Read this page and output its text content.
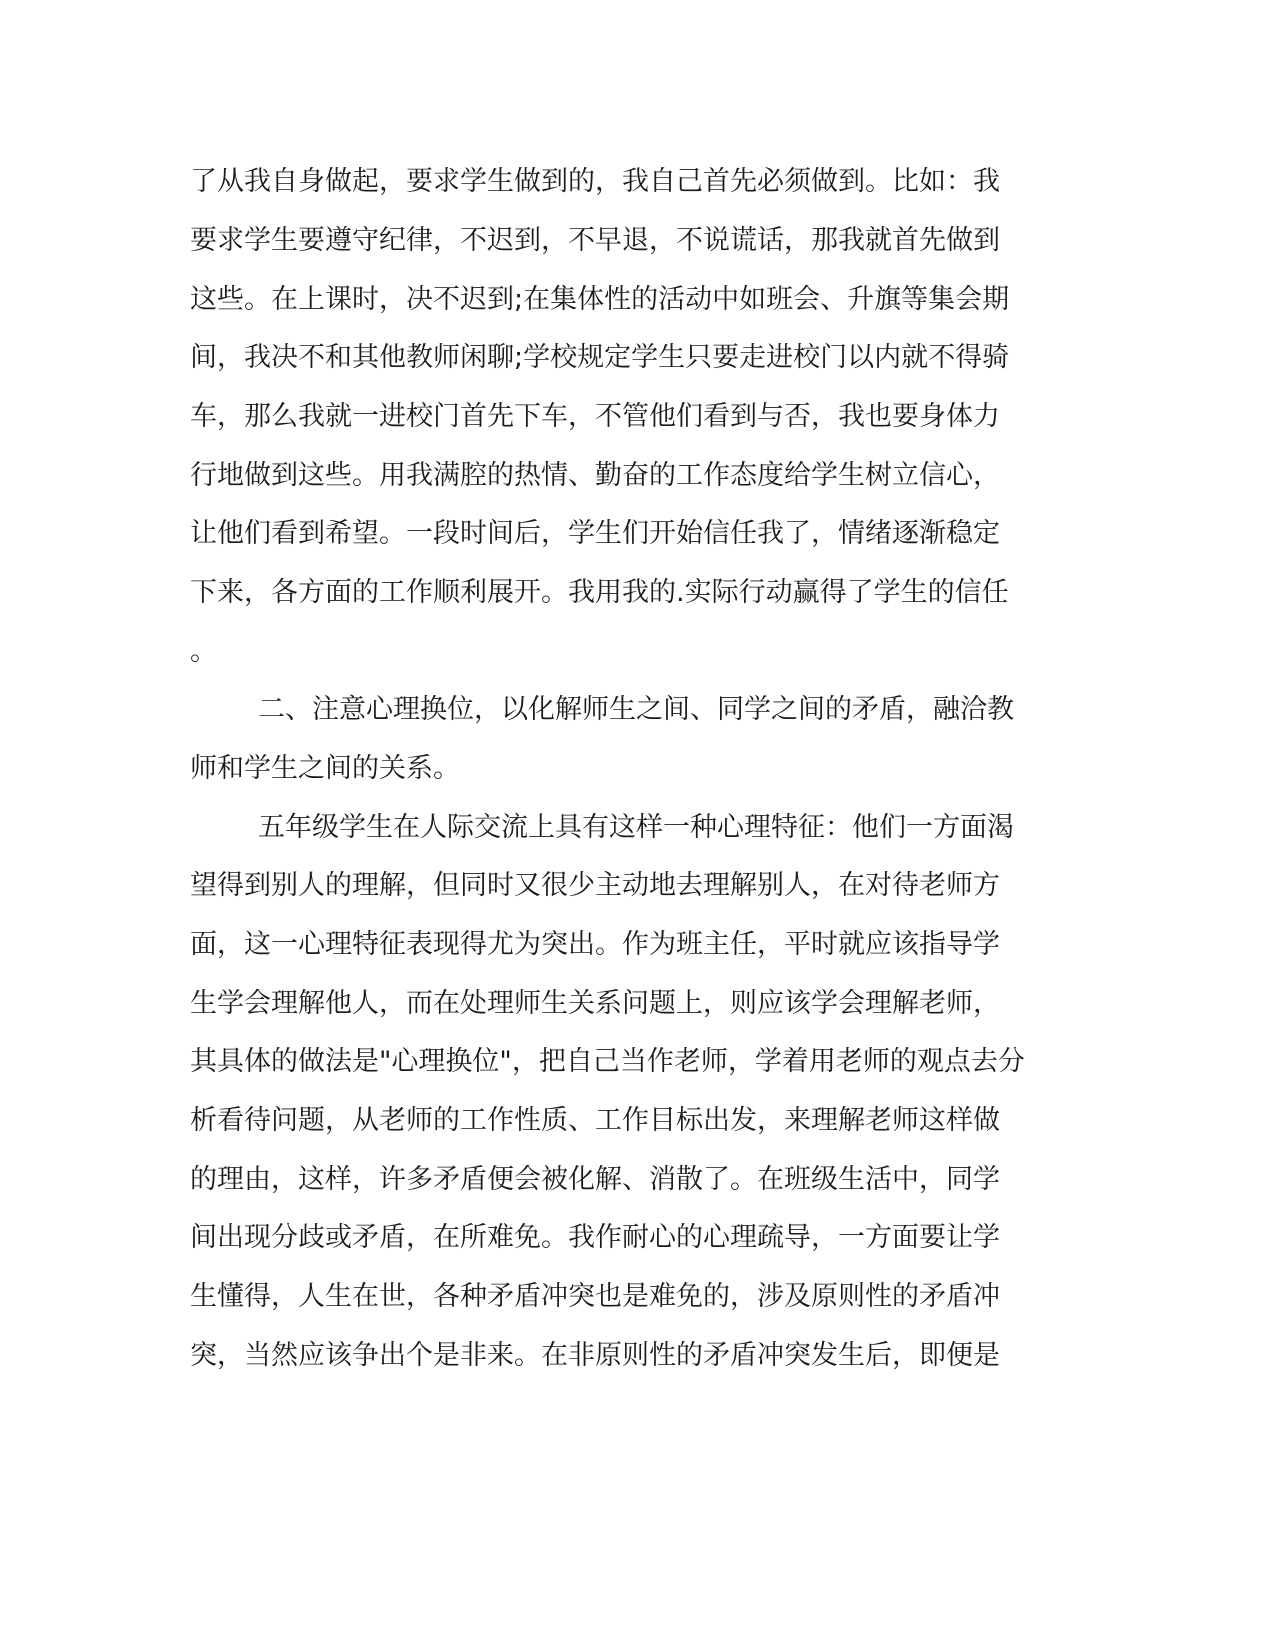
了从我自身做起，要求学生做到的，我自己首先必须做到。比如：我
要求学生要遵守纪律，不迟到，不早退，不说谎话，那我就首先做到
这些。在上课时，决不迟到;在集体性的活动中如班会、升旗等集会期
间，我决不和其他教师闲聊;学校规定学生只要走进校门以内就不得骑
车，那么我就一进校门首先下车，不管他们看到与否，我也要身体力
行地做到这些。用我满腔的热情、勤奋的工作态度给学生树立信心，
让他们看到希望。一段时间后，学生们开始信任我了，情绪逐渐稳定
下来，各方面的工作顺利展开。我用我的.实际行动赢得了学生的信任
。
二、注意心理换位，以化解师生之间、同学之间的矛盾，融洽教
师和学生之间的关系。
五年级学生在人际交流上具有这样一种心理特征：他们一方面渴
望得到别人的理解，但同时又很少主动地去理解别人，在对待老师方
面，这一心理特征表现得尤为突出。作为班主任，平时就应该指导学
生学会理解他人，而在处理师生关系问题上，则应该学会理解老师，
其具体的做法是"心理换位"，把自己当作老师，学着用老师的观点去分
析看待问题，从老师的工作性质、工作目标出发，来理解老师这样做
的理由，这样，许多矛盾便会被化解、消散了。在班级生活中，同学
间出现分歧或矛盾，在所难免。我作耐心的心理疏导，一方面要让学
生懂得，人生在世，各种矛盾冲突也是难免的，涉及原则性的矛盾冲
突，当然应该争出个是非来。在非原则性的矛盾冲突发生后，即便是
